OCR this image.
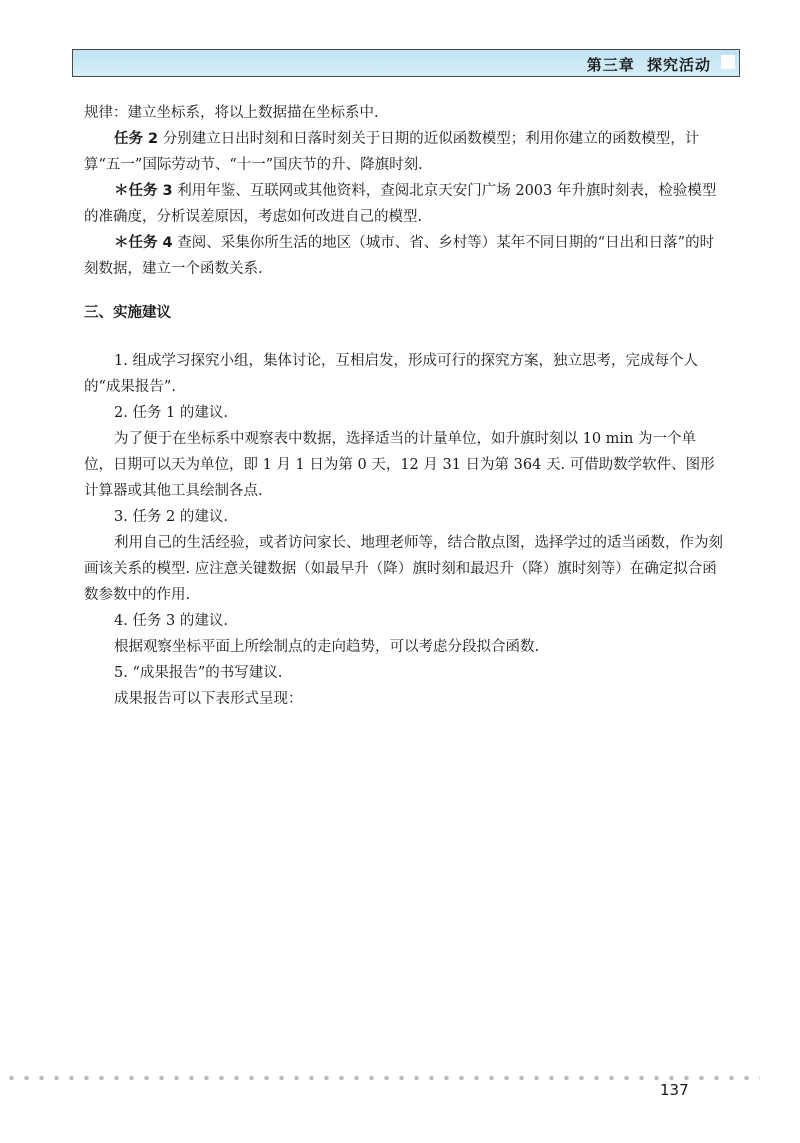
第三章 探究活动

规律：建立坐标系，将以上数据描在坐标系中.

任务 2 分别建立日出时刻和日落时刻关于日期的近似函数模型；利用你建立的函数模型，计算“五一”国际劳动节、“十一”国庆节的升、降旗时刻.

＊任务 3 利用年鉴、互联网或其他资料，查阅北京天安门广场 2003 年升旗时刻表，检验模型的准确度，分析误差原因，考虑如何改进自己的模型.

＊任务 4 查阅、采集你所生活的地区（城市、省、乡村等）某年不同日期的“日出和日落”的时刻数据，建立一个函数关系.

三、实施建议

1. 组成学习探究小组，集体讨论，互相启发，形成可行的探究方案，独立思考，完成每个人的“成果报告”.

2. 任务 1 的建议.

为了便于在坐标系中观察表中数据，选择适当的计量单位，如升旗时刻以 10 min 为一个单位，日期可以天为单位，即 1 月 1 日为第 0 天，12 月 31 日为第 364 天. 可借助数学软件、图形计算器或其他工具绘制各点.

3. 任务 2 的建议.

利用自己的生活经验，或者访问家长、地理老师等，结合散点图，选择学过的适当函数，作为刻画该关系的模型. 应注意关键数据（如最早升（降）旗时刻和最迟升（降）旗时刻等）在确定拟合函数参数中的作用.

4. 任务 3 的建议.

根据观察坐标平面上所绘制点的走向趋势，可以考虑分段拟合函数.

5. “成果报告”的书写建议.

成果报告可以下表形式呈现：

137
